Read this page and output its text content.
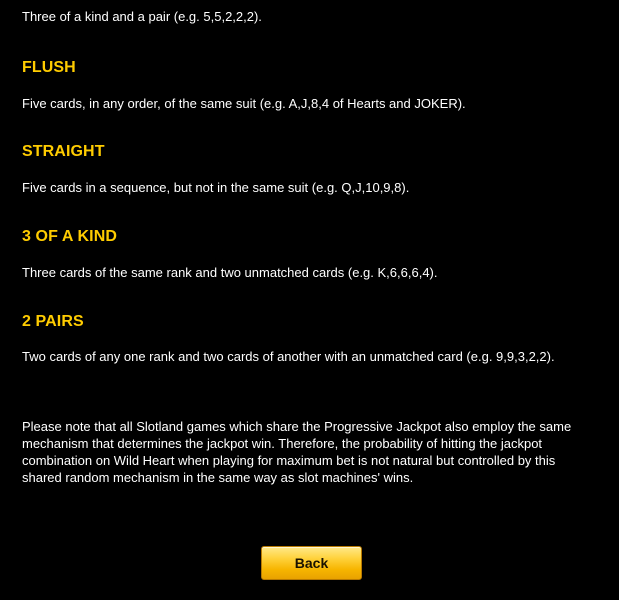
Three of a kind and a pair (e.g. 5,5,2,2,2).
FLUSH

Five cards, in any order, of the same suit (e.g. A,J,8,4 of Hearts and JOKER).

STRAIGHT

Five cards in a sequence, but not in the same suit (e.g. Q,J,10,9,8).

3 OF A KIND

Three cards of the same rank and two unmatched cards (e.g. K,6,6,6,4).

2 PAIRS

Two cards of any one rank and two cards of another with an unmatched card (e.g. 9,9,3,2,2).

Please note that all Slotland games which share the Progressive Jackpot also employ the same mechanism that determines the jackpot win. Therefore, the probability of hitting the jackpot combination on Wild Heart when playing for maximum bet is not natural but controlled by this shared random mechanism in the same way as slot machines' wins.

Back
